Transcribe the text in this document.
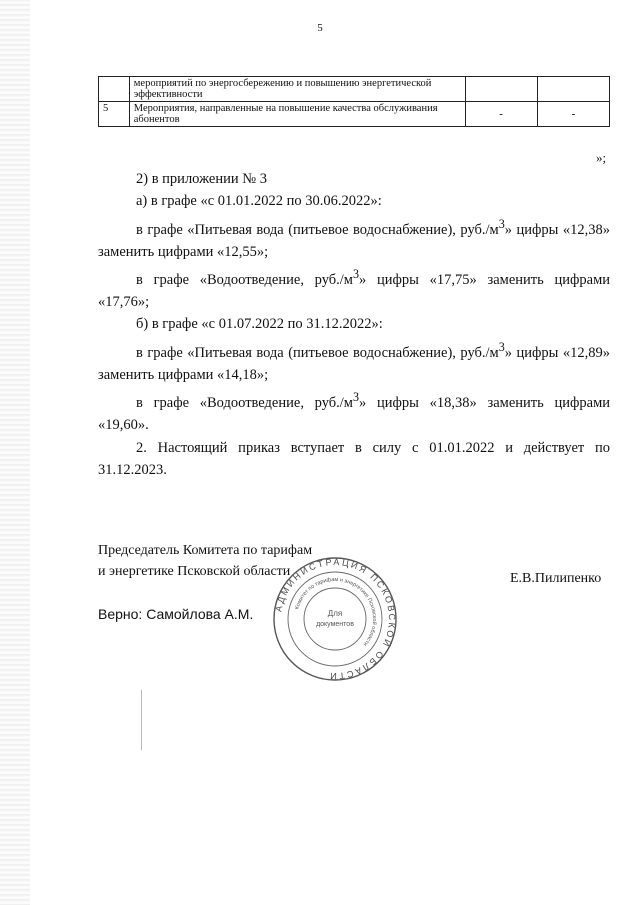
5
	мероприятий по энергосбережению и повышению энергетической эффективности		
5	Мероприятия, направленные на повышение качества обслуживания абонентов	-	-
»;

2) в приложении № 3

а) в графе «с 01.01.2022 по 30.06.2022»:

в графе «Питьевая вода (питьевое водоснабжение), $руб./м^3$» цифры «12,38» заменить цифрами «12,55»;

в графе «Водоотведение, $руб./м^3$» цифры «17,75» заменить цифрами «17,76»;

б) в графе «с 01.07.2022 по 31.12.2022»:

в графе «Питьевая вода (питьевое водоснабжение), $руб./м^3$» цифры «12,89» заменить цифрами «14,18»;

в графе «Водоотведение, $руб./м^3$» цифры «18,38» заменить цифрами «19,60».

2. Настоящий приказ вступает в силу с 01.01.2022 и действует по 31.12.2023.

Председатель Комитета по тарифам
и энергетике Псковской области	Е.В.Пилипенко
Верно: Самойлова А.М. АДМИНИСТРАЦИЯ ПСКОВСКОЙ ОБЛАСТИ
Комитет по тарифам и энергетике Псковской области
Для
документов
